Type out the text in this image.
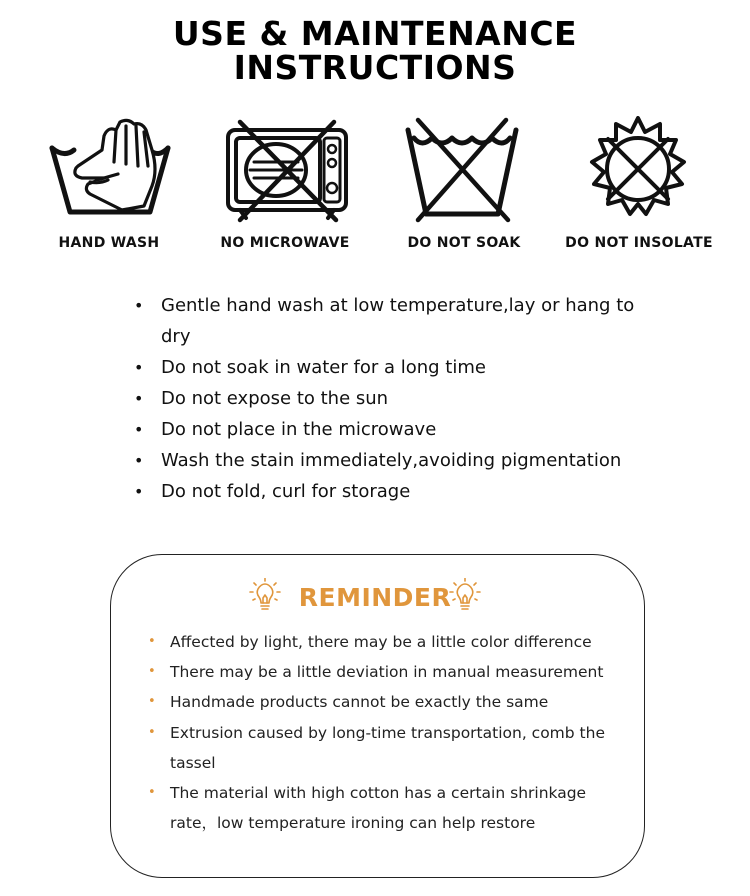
USE & MAINTENANCE
INSTRUCTIONS
HAND WASH	NO MICROWAVE	DO NOT SOAK	DO NOT INSOLATE
• Gentle hand wash at low temperature,lay or hang to dry
• Do not soak in water for a long time
• Do not expose to the sun
• Do not place in the microwave
• Wash the stain immediately,avoiding pigmentation
• Do not fold, curl for storage
REMINDER
• Affected by light, there may be a little color difference
• There may be a little deviation in manual measurement
• Handmade products cannot be exactly the same
• Extrusion caused by long-time transportation, comb the tassel
• The material with high cotton has a certain shrinkage rate，low temperature ironing can help restore
